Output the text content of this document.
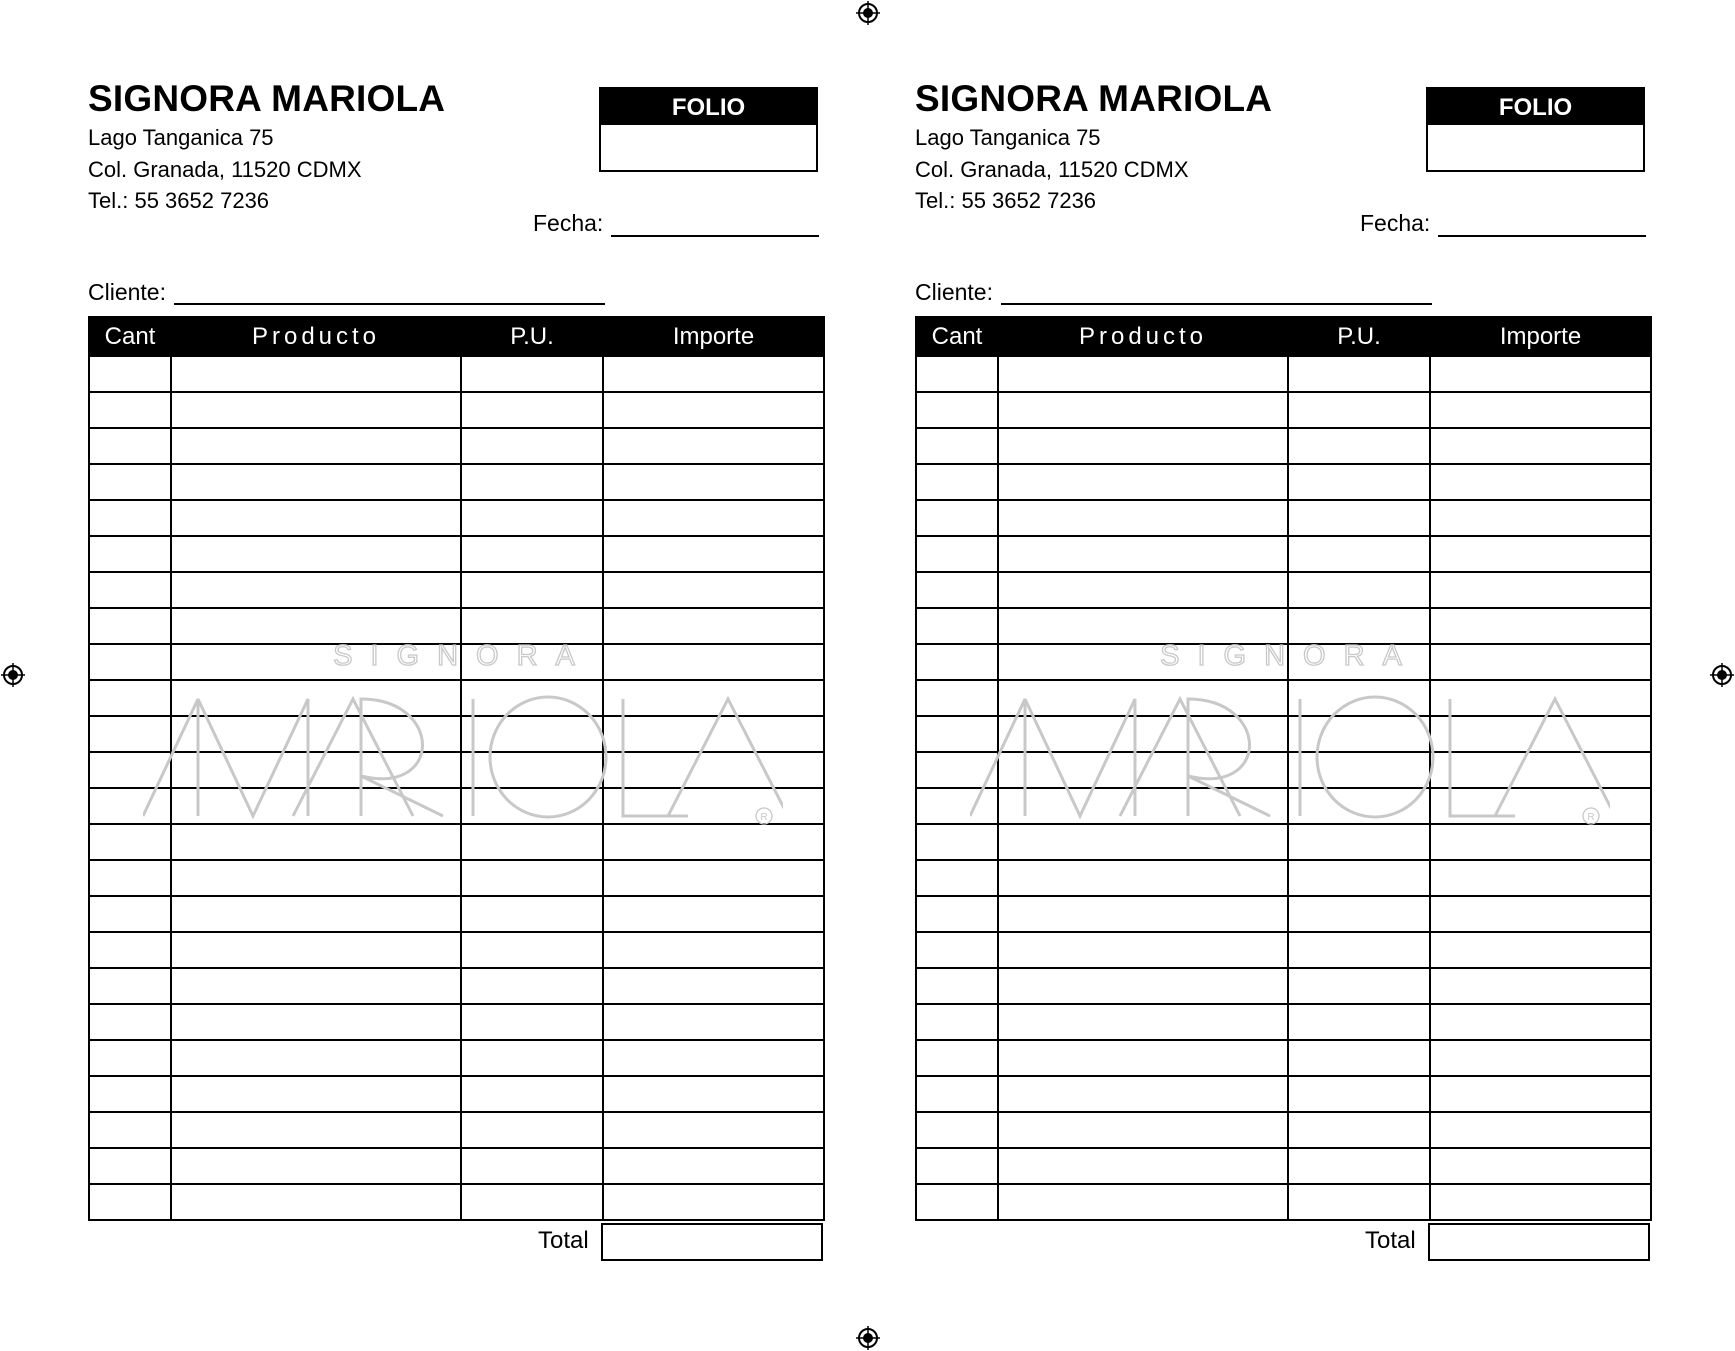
SIGNORA MARIOLA
Lago Tanganica 75
Col. Granada, 11520 CDMX
Tel.: 55 3652 7236
FOLIO
Fecha:
Cliente:
Cant	Producto	P.U.	Importe

SIGNORA
R
Total
SIGNORA MARIOLA
Lago Tanganica 75
Col. Granada, 11520 CDMX
Tel.: 55 3652 7236
FOLIO
Fecha:
Cliente:
Cant	Producto	P.U.	Importe

SIGNORA
R
Total
